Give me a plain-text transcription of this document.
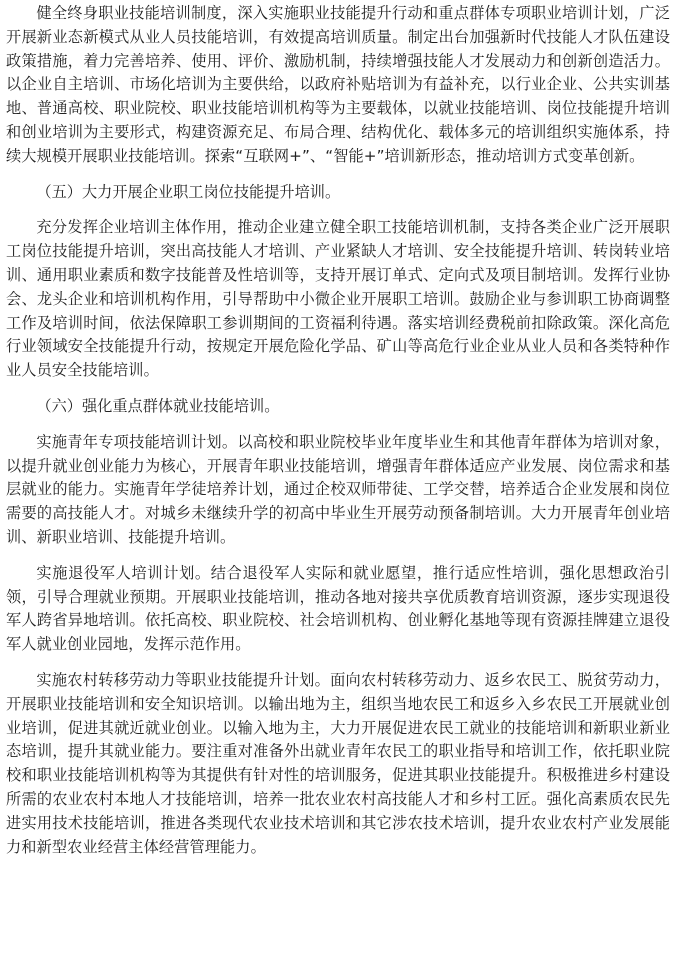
健全终身职业技能培训制度，深入实施职业技能提升行动和重点群体专项职业培训计划，广泛开展新业态新模式从业人员技能培训，有效提高培训质量。制定出台加强新时代技能人才队伍建设政策措施，着力完善培养、使用、评价、激励机制，持续增强技能人才发展动力和创新创造活力。以企业自主培训、市场化培训为主要供给，以政府补贴培训为有益补充，以行业企业、公共实训基地、普通高校、职业院校、职业技能培训机构等为主要载体，以就业技能培训、岗位技能提升培训和创业培训为主要形式，构建资源充足、布局合理、结构优化、载体多元的培训组织实施体系，持续大规模开展职业技能培训。探索“互联网+”、“智能+”培训新形态，推动培训方式变革创新。

（五）大力开展企业职工岗位技能提升培训。

充分发挥企业培训主体作用，推动企业建立健全职工技能培训机制，支持各类企业广泛开展职工岗位技能提升培训，突出高技能人才培训、产业紧缺人才培训、安全技能提升培训、转岗转业培训、通用职业素质和数字技能普及性培训等，支持开展订单式、定向式及项目制培训。发挥行业协会、龙头企业和培训机构作用，引导帮助中小微企业开展职工培训。鼓励企业与参训职工协商调整工作及培训时间，依法保障职工参训期间的工资福利待遇。落实培训经费税前扣除政策。深化高危行业领域安全技能提升行动，按规定开展危险化学品、矿山等高危行业企业从业人员和各类特种作业人员安全技能培训。

（六）强化重点群体就业技能培训。

实施青年专项技能培训计划。以高校和职业院校毕业年度毕业生和其他青年群体为培训对象，以提升就业创业能力为核心，开展青年职业技能培训，增强青年群体适应产业发展、岗位需求和基层就业的能力。实施青年学徒培养计划，通过企校双师带徒、工学交替，培养适合企业发展和岗位需要的高技能人才。对城乡未继续升学的初高中毕业生开展劳动预备制培训。大力开展青年创业培训、新职业培训、技能提升培训。

实施退役军人培训计划。结合退役军人实际和就业愿望，推行适应性培训，强化思想政治引领，引导合理就业预期。开展职业技能培训，推动各地对接共享优质教育培训资源，逐步实现退役军人跨省异地培训。依托高校、职业院校、社会培训机构、创业孵化基地等现有资源挂牌建立退役军人就业创业园地，发挥示范作用。

实施农村转移劳动力等职业技能提升计划。面向农村转移劳动力、返乡农民工、脱贫劳动力，开展职业技能培训和安全知识培训。以输出地为主，组织当地农民工和返乡入乡农民工开展就业创业培训，促进其就近就业创业。以输入地为主，大力开展促进农民工就业的技能培训和新职业新业态培训，提升其就业能力。要注重对准备外出就业青年农民工的职业指导和培训工作，依托职业院校和职业技能培训机构等为其提供有针对性的培训服务，促进其职业技能提升。积极推进乡村建设所需的农业农村本地人才技能培训，培养一批农业农村高技能人才和乡村工匠。强化高素质农民先进实用技术技能培训，推进各类现代农业技术培训和其它涉农技术培训，提升农业农村产业发展能力和新型农业经营主体经营管理能力。
